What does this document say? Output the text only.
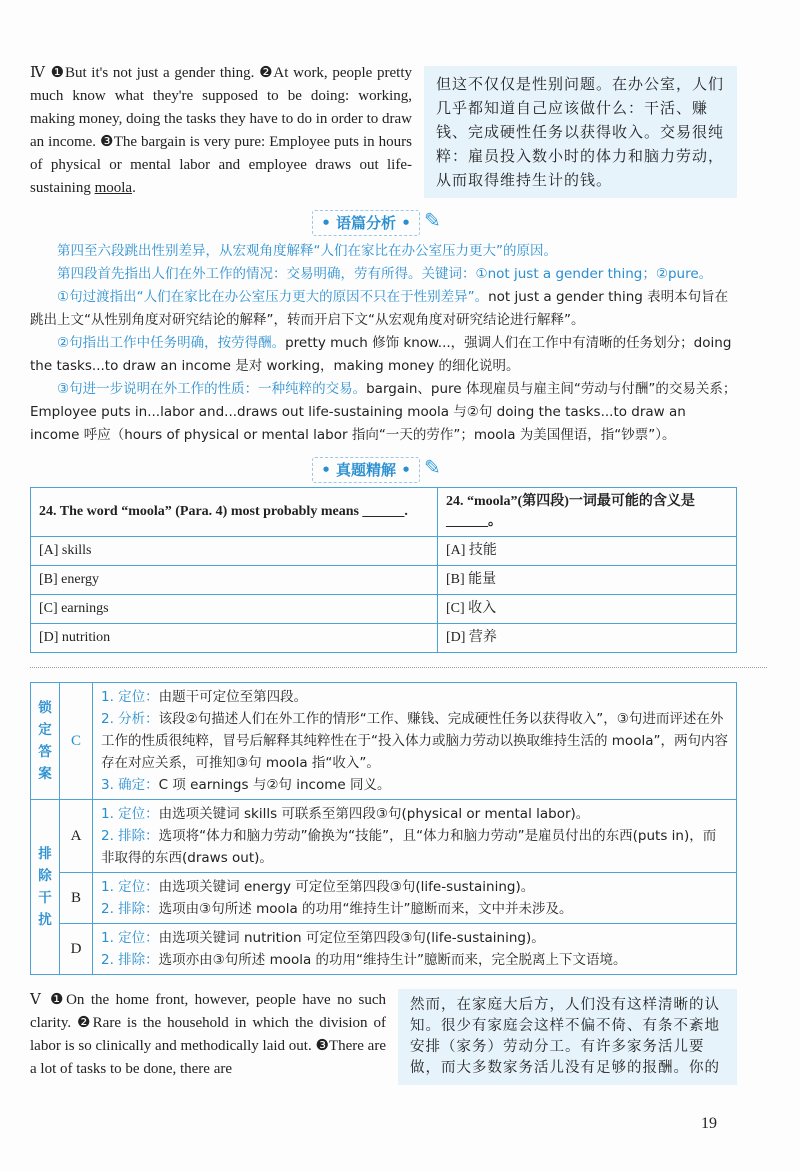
Ⅳ ❶But it's not just a gender thing. ❷At work, people pretty much know what they're supposed to be doing: working, making money, doing the tasks they have to do in order to draw an income. ❸The bargain is very pure: Employee puts in hours of physical or mental labor and employee draws out life-sustaining moola.
但这不仅仅是性别问题。在办公室，人们几乎都知道自己应该做什么：干活、赚钱、完成硬性任务以获得收入。交易很纯粹：雇员投入数小时的体力和脑力劳动，从而取得维持生计的钱。
• 语篇分析 • ✎

第四至六段跳出性别差异，从宏观角度解释“人们在家比在办公室压力更大”的原因。

第四段首先指出人们在外工作的情况：交易明确，劳有所得。关键词：①not just a gender thing；②pure。

①句过渡指出“人们在家比在办公室压力更大的原因不只在于性别差异”。not just a gender thing 表明本句旨在跳出上文“从性别角度对研究结论的解释”，转而开启下文“从宏观角度对研究结论进行解释”。

②句指出工作中任务明确，按劳得酬。pretty much 修饰 know...，强调人们在工作中有清晰的任务划分；doing the tasks...to draw an income 是对 working，making money 的细化说明。

③句进一步说明在外工作的性质：一种纯粹的交易。bargain、pure 体现雇员与雇主间“劳动与付酬”的交易关系；Employee puts in...labor and...draws out life-sustaining moola 与②句 doing the tasks...to draw an income 呼应（hours of physical or mental labor 指向“一天的劳作”；moola 为美国俚语，指“钞票”）。

• 真题精解 • ✎
24. The word “moola” (Para. 4) most probably means ______.	24. “moola”(第四段)一词最可能的含义是______。
[A] skills	[A] 技能
[B] energy	[B] 能量
[C] earnings	[C] 收入
[D] nutrition	[D] 营养
锁定答案	C	1. 定位：由题干可定位至第四段。
2. 分析：该段②句描述人们在外工作的情形“工作、赚钱、完成硬性任务以获得收入”，③句进而评述在外工作的性质很纯粹，冒号后解释其纯粹性在于“投入体力或脑力劳动以换取维持生活的 moola”，两句内容存在对应关系，可推知③句 moola 指“收入”。
3. 确定：C 项 earnings 与②句 income 同义。

排除干扰	A	1. 定位：由选项关键词 skills 可联系至第四段③句(physical or mental labor)。
2. 排除：选项将“体力和脑力劳动”偷换为“技能”，且“体力和脑力劳动”是雇员付出的东西(puts in)，而非取得的东西(draws out)。

	B	1. 定位：由选项关键词 energy 可定位至第四段③句(life-sustaining)。
2. 排除：选项由③句所述 moola 的功用“维持生计”臆断而来，文中并未涉及。

	D	1. 定位：由选项关键词 nutrition 可定位至第四段③句(life-sustaining)。
2. 排除：选项亦由③句所述 moola 的功用“维持生计”臆断而来，完全脱离上下文语境。
Ⅴ ❶On the home front, however, people have no such clarity. ❷Rare is the household in which the division of labor is so clinically and methodically laid out. ❸There are a lot of tasks to be done, there are
然而，在家庭大后方，人们没有这样清晰的认知。很少有家庭会这样不偏不倚、有条不紊地安排（家务）劳动分工。有许多家务活儿要做，而大多数家务活儿没有足够的报酬。你的
19
